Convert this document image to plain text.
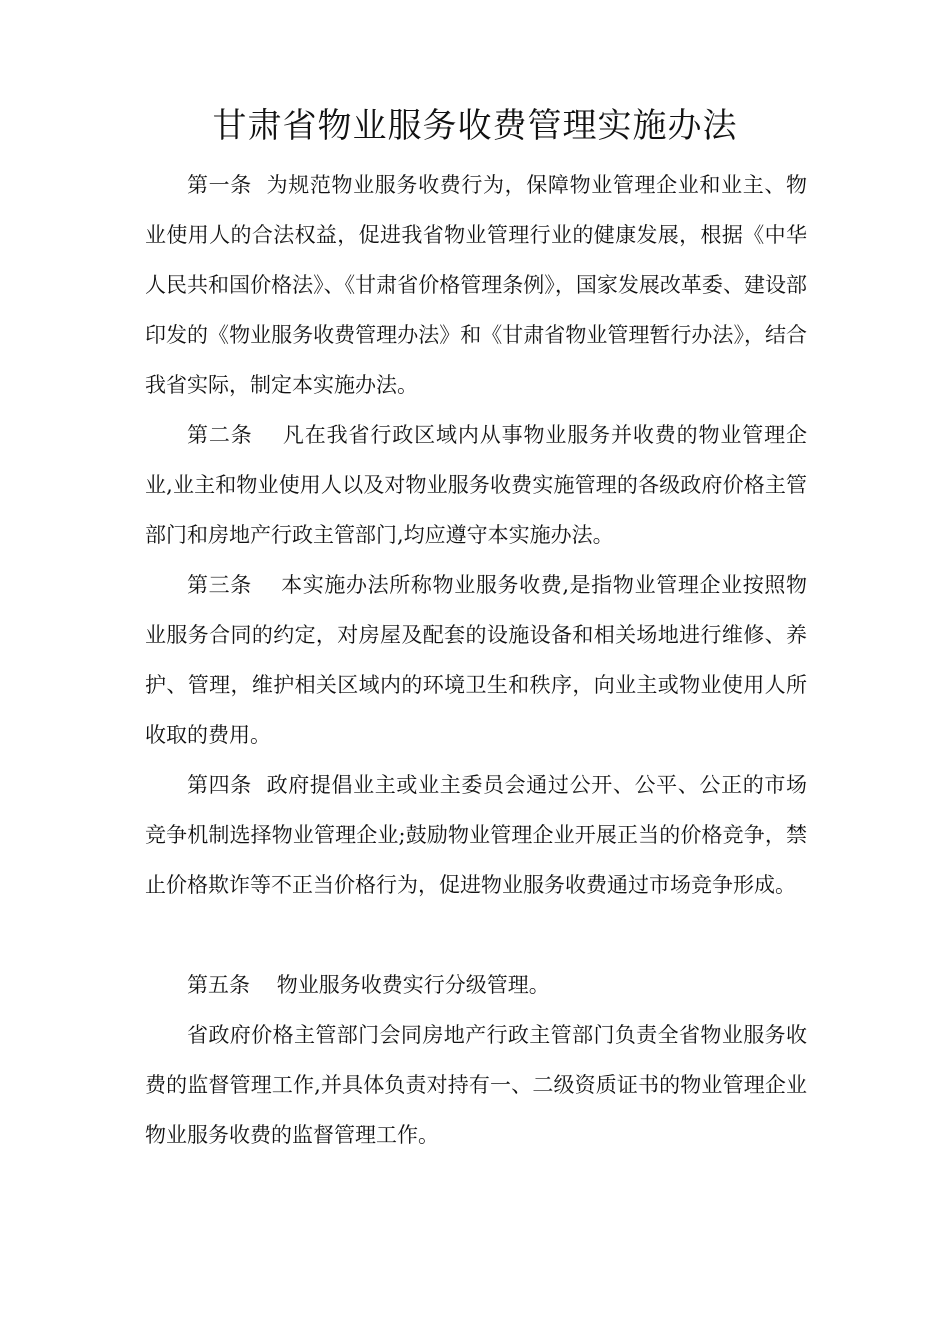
甘肃省物业服务收费管理实施办法

第一条 为规范物业服务收费行为，保障物业管理企业和业主、物业使用人的合法权益，促进我省物业管理行业的健康发展，根据《中华人民共和国价格法》、《甘肃省价格管理条例》，国家发展改革委、建设部印发的《物业服务收费管理办法》和《甘肃省物业管理暂行办法》，结合我省实际，制定本实施办法。

第二条 凡在我省行政区域内从事物业服务并收费的物业管理企业,业主和物业使用人以及对物业服务收费实施管理的各级政府价格主管部门和房地产行政主管部门,均应遵守本实施办法。

第三条 本实施办法所称物业服务收费,是指物业管理企业按照物业服务合同的约定，对房屋及配套的设施设备和相关场地进行维修、养护、管理，维护相关区域内的环境卫生和秩序，向业主或物业使用人所收取的费用。

第四条 政府提倡业主或业主委员会通过公开、公平、公正的市场竞争机制选择物业管理企业;鼓励物业管理企业开展正当的价格竞争，禁止价格欺诈等不正当价格行为，促进物业服务收费通过市场竞争形成。

第五条 物业服务收费实行分级管理。

省政府价格主管部门会同房地产行政主管部门负责全省物业服务收费的监督管理工作,并具体负责对持有一、二级资质证书的物业管理企业物业服务收费的监督管理工作。
